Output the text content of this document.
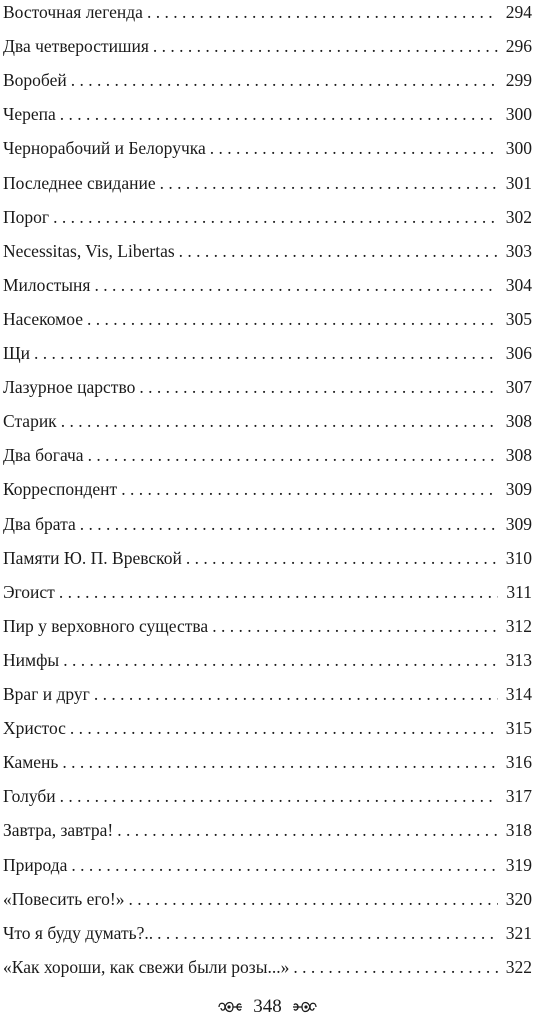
Восточная легенда . . .	294
Два четверостишия . . .	296
Воробей . . .	299
Черепа . . .	300
Чернорабочий и Белоручка . . .	300
Последнее свидание . . .	301
Порог . . .	302
Necessitas, Vis, Libertas . . .	303
Милостыня . . .	304
Насекомое . . .	305
Щи . . .	306
Лазурное царство . . .	307
Старик . . .	308
Два богача . . .	308
Корреспондент . . .	309
Два брата . . .	309
Памяти Ю. П. Вревской . . .	310
Эгоист . . .	311
Пир у верховного существа . . .	312
Нимфы . . .	313
Враг и друг . . .	314
Христос . . .	315
Камень . . .	316
Голуби . . .	317
Завтра, завтра! . . .	318
Природа . . .	319
«Повесить его!» . . .	320
Что я буду думать?.. . . .	321
«Как хороши, как свежи были розы...» . . .	322
348
